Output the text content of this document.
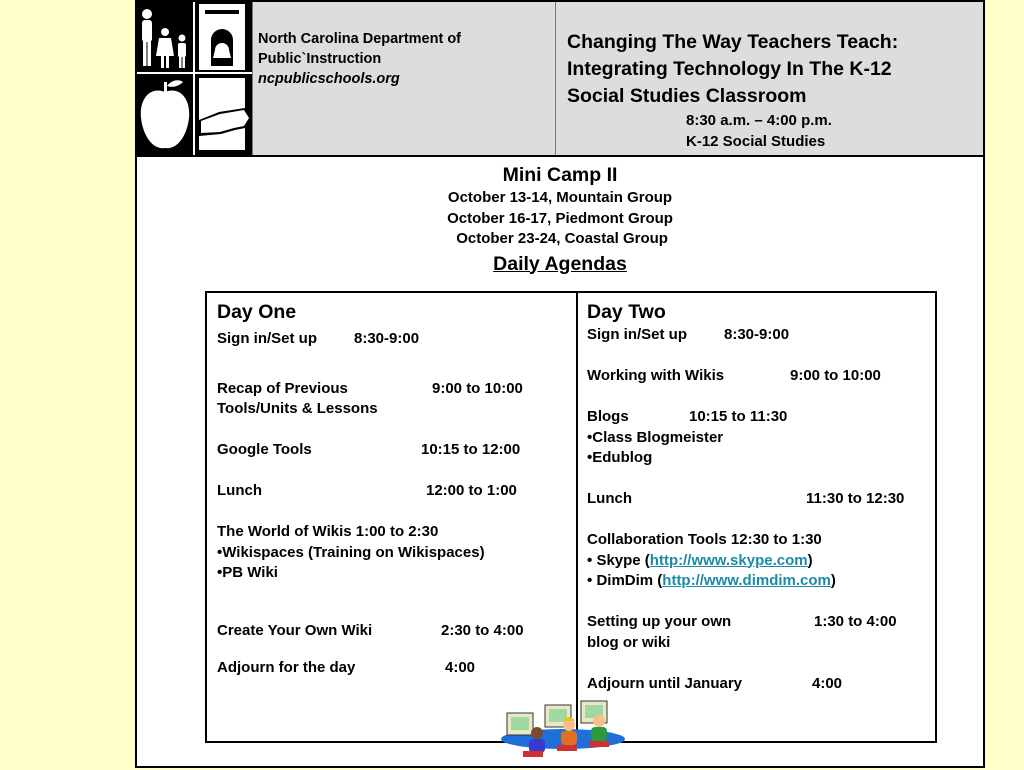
North Carolina Department of
Public`Instruction
ncpublicschools.org
Changing The Way Teachers Teach:
Integrating Technology In The K-12
Social Studies Classroom
8:30 a.m. – 4:00 p.m.
K-12 Social Studies
Mini Camp II
October 13-14, Mountain Group
October 16-17, Piedmont Group
October 23-24, Coastal Group
Daily Agendas
Day One
Sign in/Set up 8:30-9:00
Recap of Previous	9:00 to 10:00
Tools/Units & Lessons
Google Tools	10:15 to 12:00
Lunch	12:00 to 1:00
The World of Wikis 1:00 to 2:30
• Wikispaces (Training on Wikispaces)
• PB Wiki
Create Your Own Wiki	2:30 to 4:00
Adjourn for the day	4:00
Day Two
Sign in/Set up 8:30-9:00
Working with Wikis	9:00 to 10:00
Blogs	10:15 to 11:30
• Class Blogmeister
• Edublog
Lunch	11:30 to 12:30
Collaboration Tools 12:30 to 1:30
• Skype (http://www.skype.com)
• DimDim (http://www.dimdim.com)
Setting up your own	1:30 to 4:00
blog or wiki
Adjourn until January	4:00
